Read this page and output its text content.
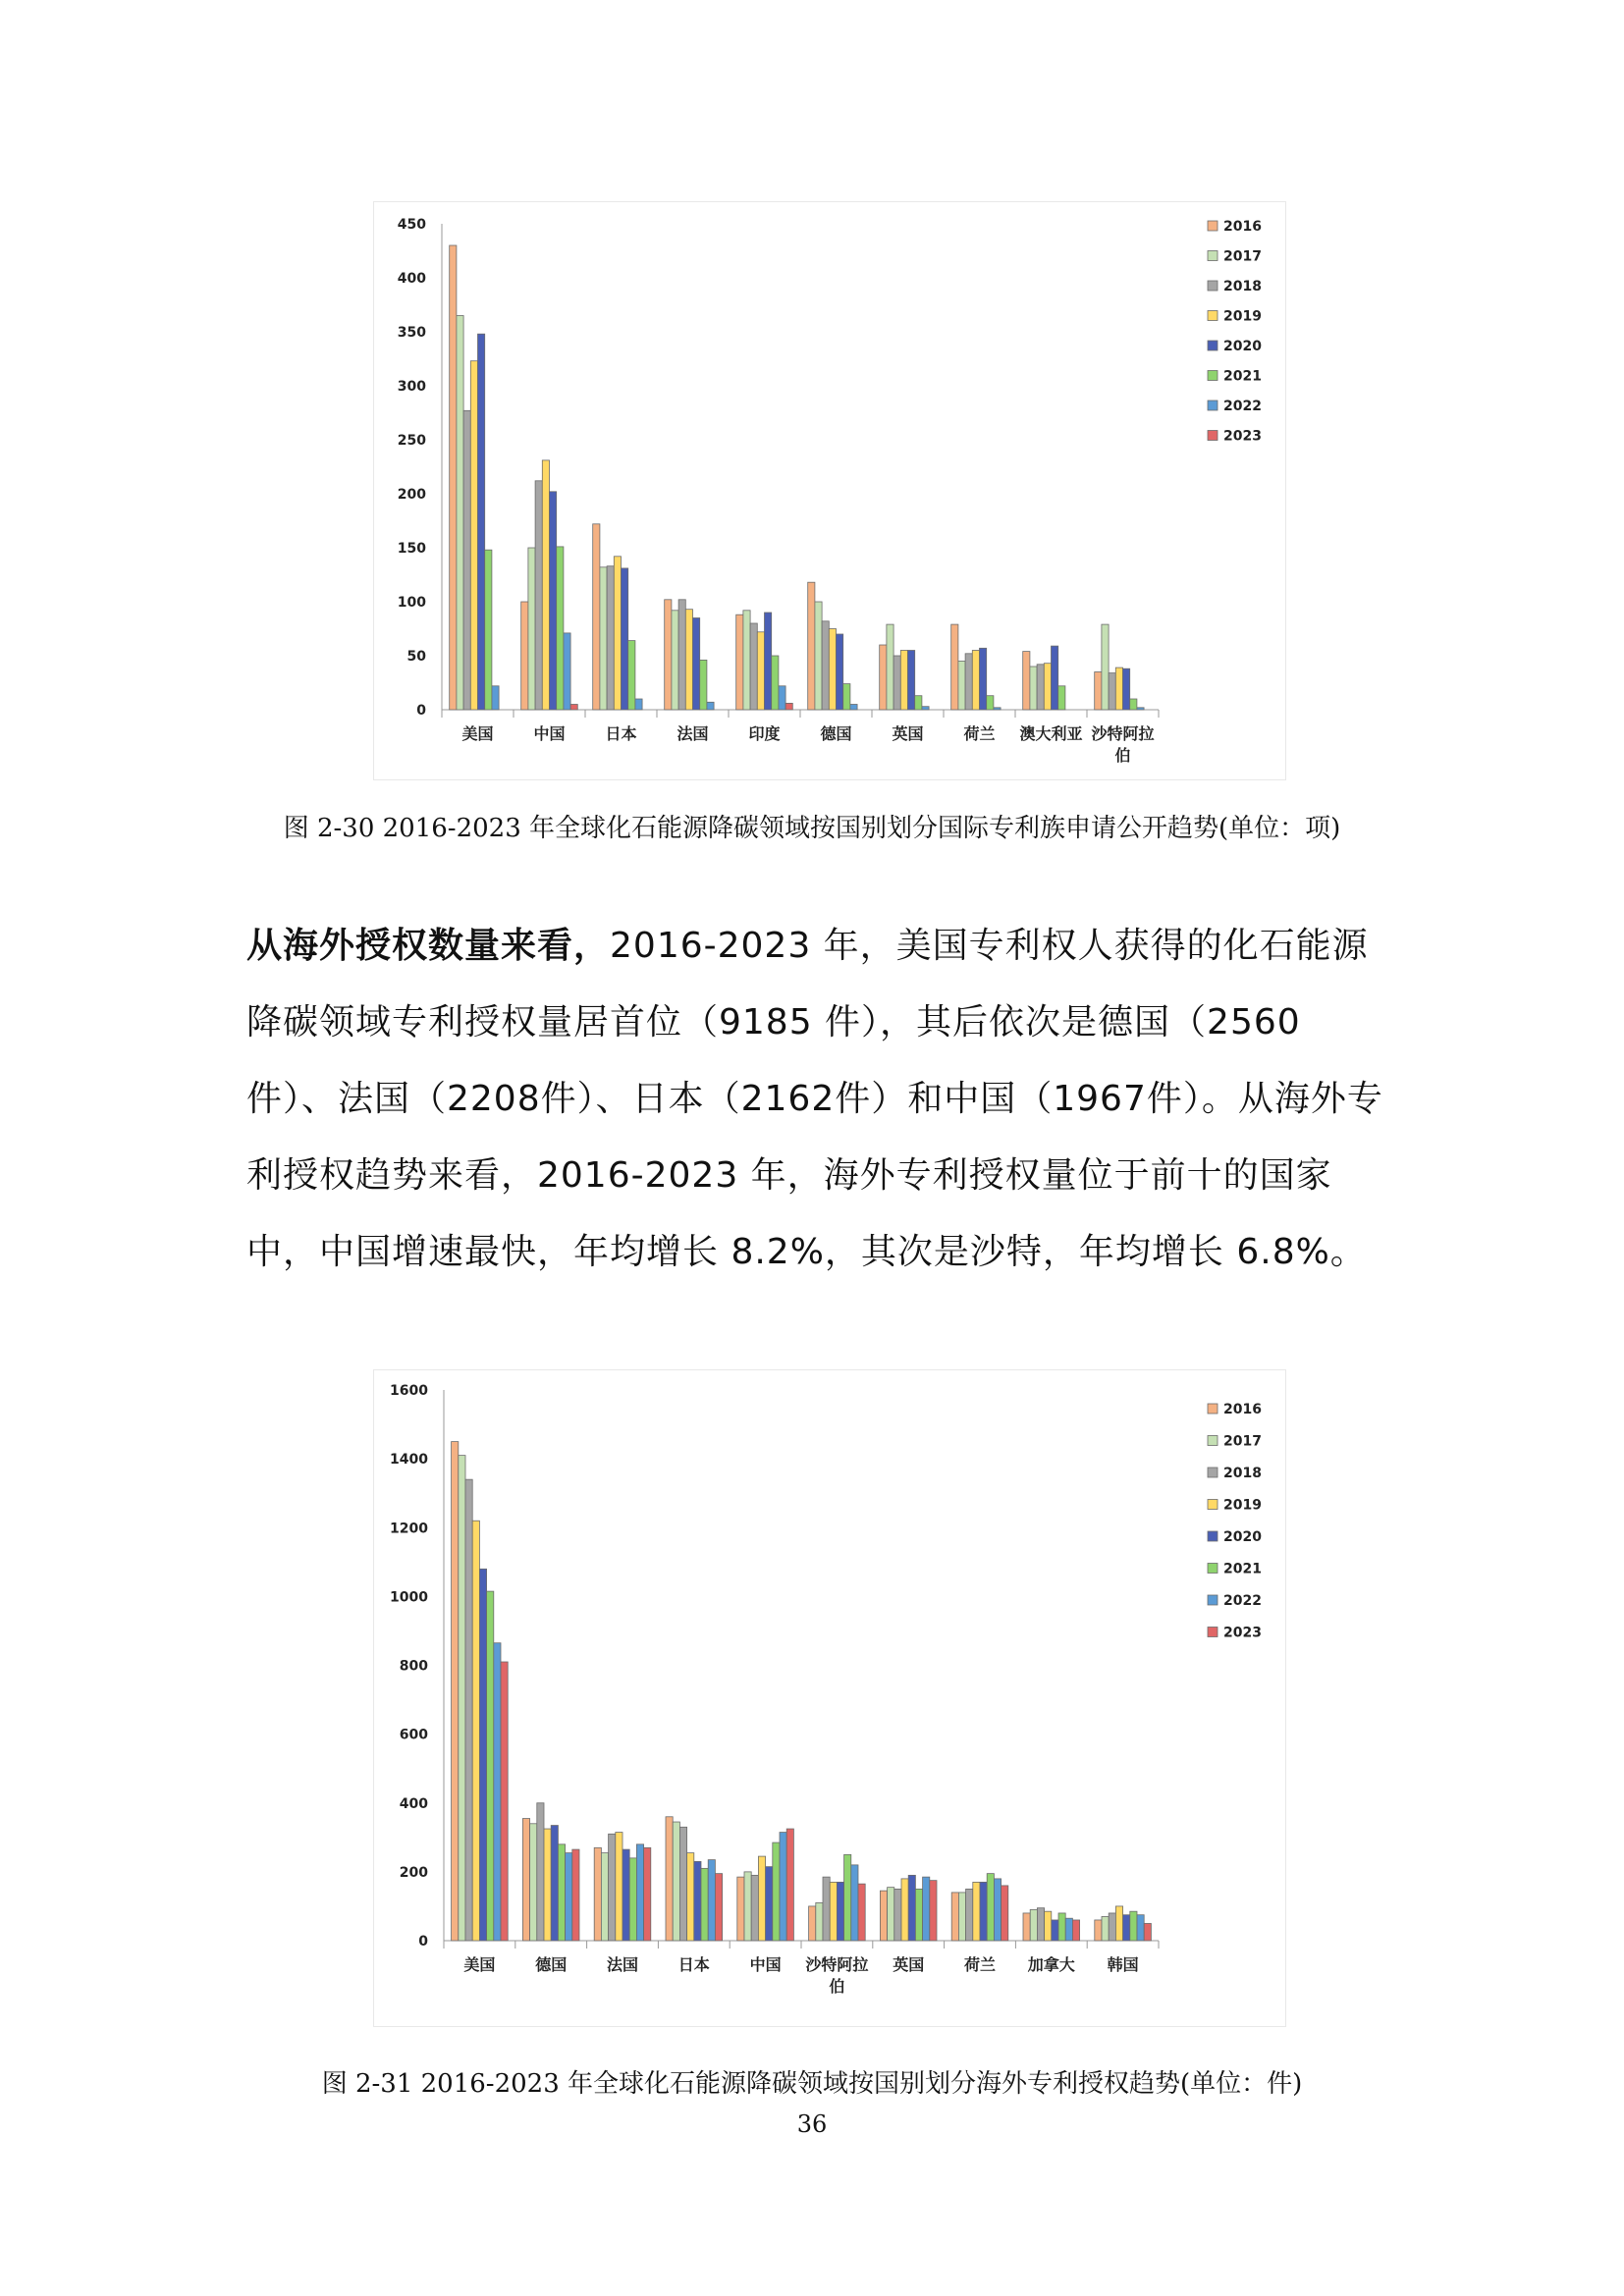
0
50
100
150
200
250
300
350
400
450
美国	中国	日本	法国	印度	德国	英国	荷兰 澳大利亚 沙特阿拉
伯
2016
2017
2018
2019
2020
2021
2022
2023
图 2-30 2016-2023 年全球化石能源降碳领域按国别划分国际专利族申请公开趋势(单位：项)
从海外授权数量来看，2016-2023 年，美国专利权人获得的化石能源降碳领域专利授权量居首位（9185 件），其后依次是德国（2560件）、法国（2208件）、日本（2162件）和中国（1967件）。从海外专利授权趋势来看，2016-2023 年，海外专利授权量位于前十的国家中，中国增速最快，年均增长 8.2%，其次是沙特，年均增长 6.8%。
0
200
400
600
800
1000
1200
1400
1600
美国	德国	法国	日本	中国 沙特阿拉
伯
英国	荷兰 加拿大 韩国
2016
2017
2018
2019
2020
2021
2022
2023
图 2-31 2016-2023 年全球化石能源降碳领域按国别划分海外专利授权趋势(单位：件)
36
